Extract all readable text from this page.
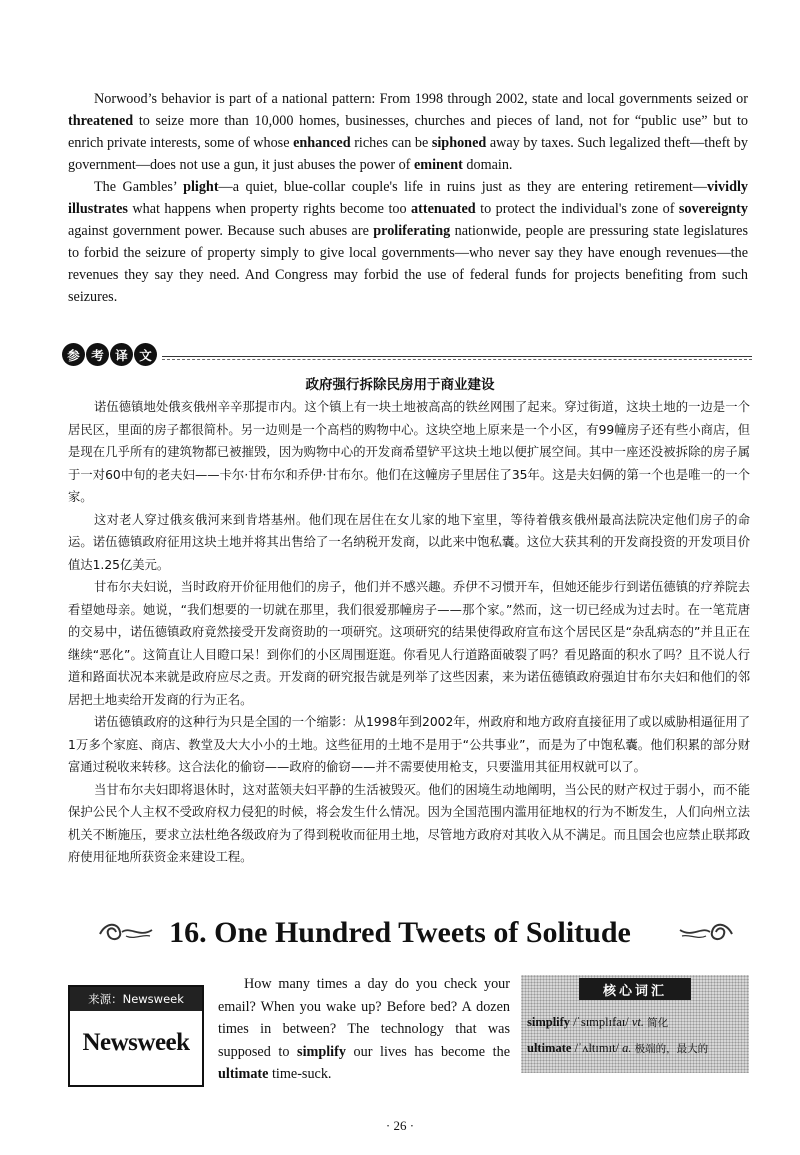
Norwood’s behavior is part of a national pattern: From 1998 through 2002, state and local governments seized or threatened to seize more than 10,000 homes, businesses, churches and pieces of land, not for “public use” but to enrich private interests, some of whose enhanced riches can be siphoned away by taxes. Such legalized theft—theft by government—does not use a gun, it just abuses the power of eminent domain.

The Gambles’ plight—a quiet, blue-collar couple's life in ruins just as they are entering retirement—vividly illustrates what happens when property rights become too attenuated to protect the individual's zone of sovereignty against government power. Because such abuses are proliferating nationwide, people are pressuring state legislatures to forbid the seizure of property simply to give local governments—who never say they have enough revenues—the revenues they say they need. And Congress may forbid the use of federal funds for projects benefiting from such seizures.

参 考 译 文
政府强行拆除民房用于商业建设

诺伍德镇地处俄亥俄州辛辛那提市内。这个镇上有一块土地被高高的铁丝网围了起来。穿过街道，这块土地的一边是一个居民区，里面的房子都很简朴。另一边则是一个高档的购物中心。这块空地上原来是一个小区，有99幢房子还有些小商店，但是现在几乎所有的建筑物都已被摧毁，因为购物中心的开发商希望铲平这块土地以便扩展空间。其中一座还没被拆除的房子属于一对60中旬的老夫妇——卡尔·甘布尔和乔伊·甘布尔。他们在这幢房子里居住了35年。这是夫妇俩的第一个也是唯一的一个家。

这对老人穿过俄亥俄河来到肯塔基州。他们现在居住在女儿家的地下室里，等待着俄亥俄州最高法院决定他们房子的命运。诺伍德镇政府征用这块土地并将其出售给了一名纳税开发商，以此来中饱私囊。这位大获其利的开发商投资的开发项目价值达1.25亿美元。

甘布尔夫妇说，当时政府开价征用他们的房子，他们并不感兴趣。乔伊不习惯开车，但她还能步行到诺伍德镇的疗养院去看望她母亲。她说，“我们想要的一切就在那里，我们很爱那幢房子——那个家。”然而，这一切已经成为过去时。在一笔荒唐的交易中，诺伍德镇政府竟然接受开发商资助的一项研究。这项研究的结果使得政府宣布这个居民区是“杂乱病态的”并且正在继续“恶化”。这简直让人目瞪口呆！到你们的小区周围逛逛。你看见人行道路面破裂了吗？看见路面的积水了吗？且不说人行道和路面状况本来就是政府应尽之责。开发商的研究报告就是列举了这些因素，来为诺伍德镇政府强迫甘布尔夫妇和他们的邻居把土地卖给开发商的行为正名。

诺伍德镇政府的这种行为只是全国的一个缩影：从1998年到2002年，州政府和地方政府直接征用了或以威胁相逼征用了1万多个家庭、商店、教堂及大大小小的土地。这些征用的土地不是用于“公共事业”，而是为了中饱私囊。他们积累的部分财富通过税收来转移。这合法化的偷窃——政府的偷窃——并不需要使用枪支，只要滥用其征用权就可以了。

当甘布尔夫妇即将退休时，这对蓝领夫妇平静的生活被毁灭。他们的困境生动地阐明，当公民的财产权过于弱小，而不能保护公民个人主权不受政府权力侵犯的时候，将会发生什么情况。因为全国范围内滥用征地权的行为不断发生，人们向州立法机关不断施压，要求立法杜绝各级政府为了得到税收而征用土地，尽管地方政府对其收入从不满足。而且国会也应禁止联邦政府使用征地所获资金来建设工程。

16. One Hundred Tweets of Solitude
来源：Newsweek
Newsweek

How many times a day do you check your email? When you wake up? Before bed? A dozen times in between? The technology that was supposed to simplify our lives has become the ultimate time-suck.

核心词汇
simplify /ˈsɪmplɪfaɪ/ vt. 简化
ultimate /ˈʌltɪmɪt/ a. 极端的，最大的
· 26 ·
